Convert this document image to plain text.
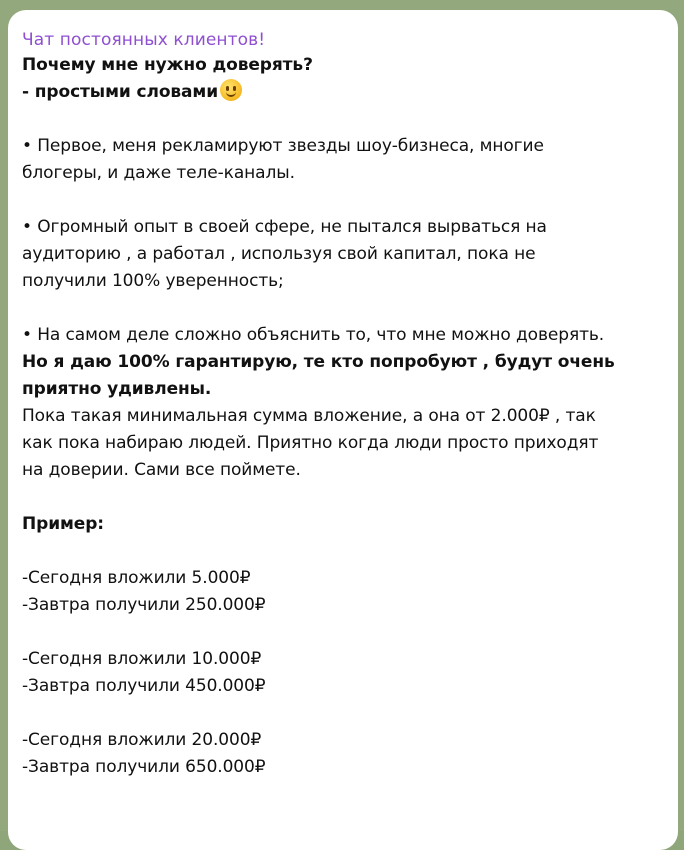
Чат постоянных клиентов!

Почему мне нужно доверять?

- простыми словами

• Первое, меня рекламируют звезды шоу-бизнеса, многие

блогеры, и даже теле-каналы.

• Огромный опыт в своей сфере, не пытался вырваться на

аудиторию , а работал , используя свой капитал, пока не

получили 100% уверенность;

• На самом деле сложно объяснить то, что мне можно доверять.

Но я даю 100% гарантирую, те кто попробуют , будут очень

приятно удивлены.

Пока такая минимальная сумма вложение, а она от 2.000₽ , так

как пока набираю людей. Приятно когда люди просто приходят

на доверии. Сами все поймете.

Пример:

-Сегодня вложили 5.000₽

-Завтра получили 250.000₽

-Сегодня вложили 10.000₽

-Завтра получили 450.000₽

-Сегодня вложили 20.000₽

-Завтра получили 650.000₽
